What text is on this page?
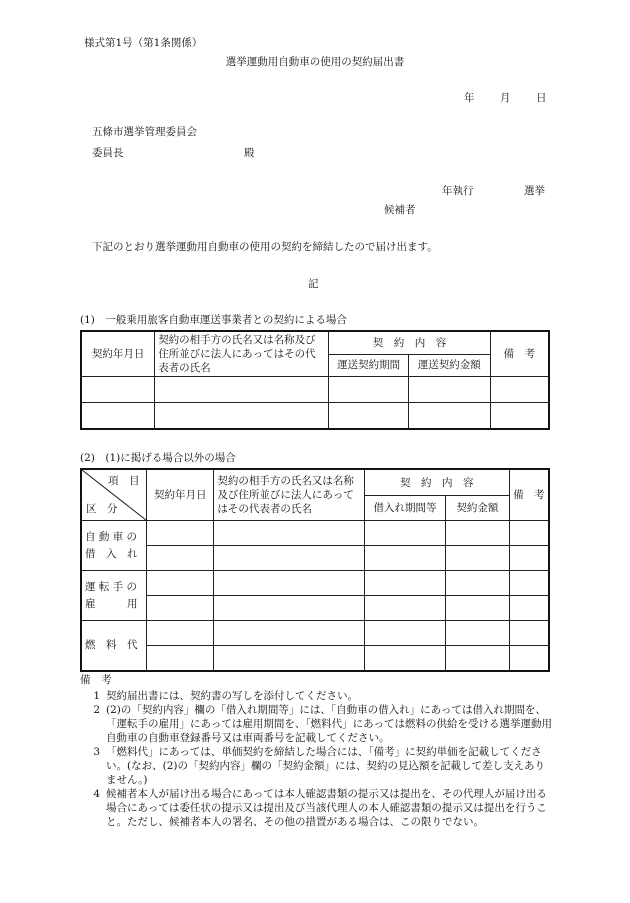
様式第1号（第1条関係）
選挙運動用自動車の使用の契約届出書
年 月 日
五條市選挙管理委員会
委員長	殿
年執行	選挙
候補者
下記のとおり選挙運動用自動車の使用の契約を締結したので届け出ます。
記
(1)　一般乗用旅客自動車運送事業者との契約による場合
契約年月日	契約の相手方の氏名又は名称及び住所並びに法人にあってはその代表者の氏名	契　約　内　容		備　考
		運送契約期間	運送契約金額	

(2)　(1)に掲げる場合以外の場合
項　目
区　分	契約年月日	契約の相手方の氏名又は名称及び住所並びに法人にあってはその代表者の氏名	契　約　内　容		備　考
			借入れ期間等	契約金額	

自 動 車 の
借　入　れ					

運 転 手 の
雇　　　用					

燃　料　代					

備　考
1 契約届出書には、契約書の写しを添付してください。
2 (2)の「契約内容」欄の「借入れ期間等」には、「自動車の借入れ」にあっては借入れ期間を、「運転手の雇用」にあっては雇用期間を、「燃料代」にあっては燃料の供給を受ける選挙運動用自動車の自動車登録番号又は車両番号を記載してください。
3 「燃料代」にあっては、単価契約を締結した場合には、「備考」に契約単価を記載してください。(なお、(2)の「契約内容」欄の「契約金額」には、契約の見込額を記載して差し支えありません。)
4 候補者本人が届け出る場合にあっては本人確認書類の提示又は提出を、その代理人が届け出る場合にあっては委任状の提示又は提出及び当該代理人の本人確認書類の提示又は提出を行うこと。ただし、候補者本人の署名、その他の措置がある場合は、この限りでない。
